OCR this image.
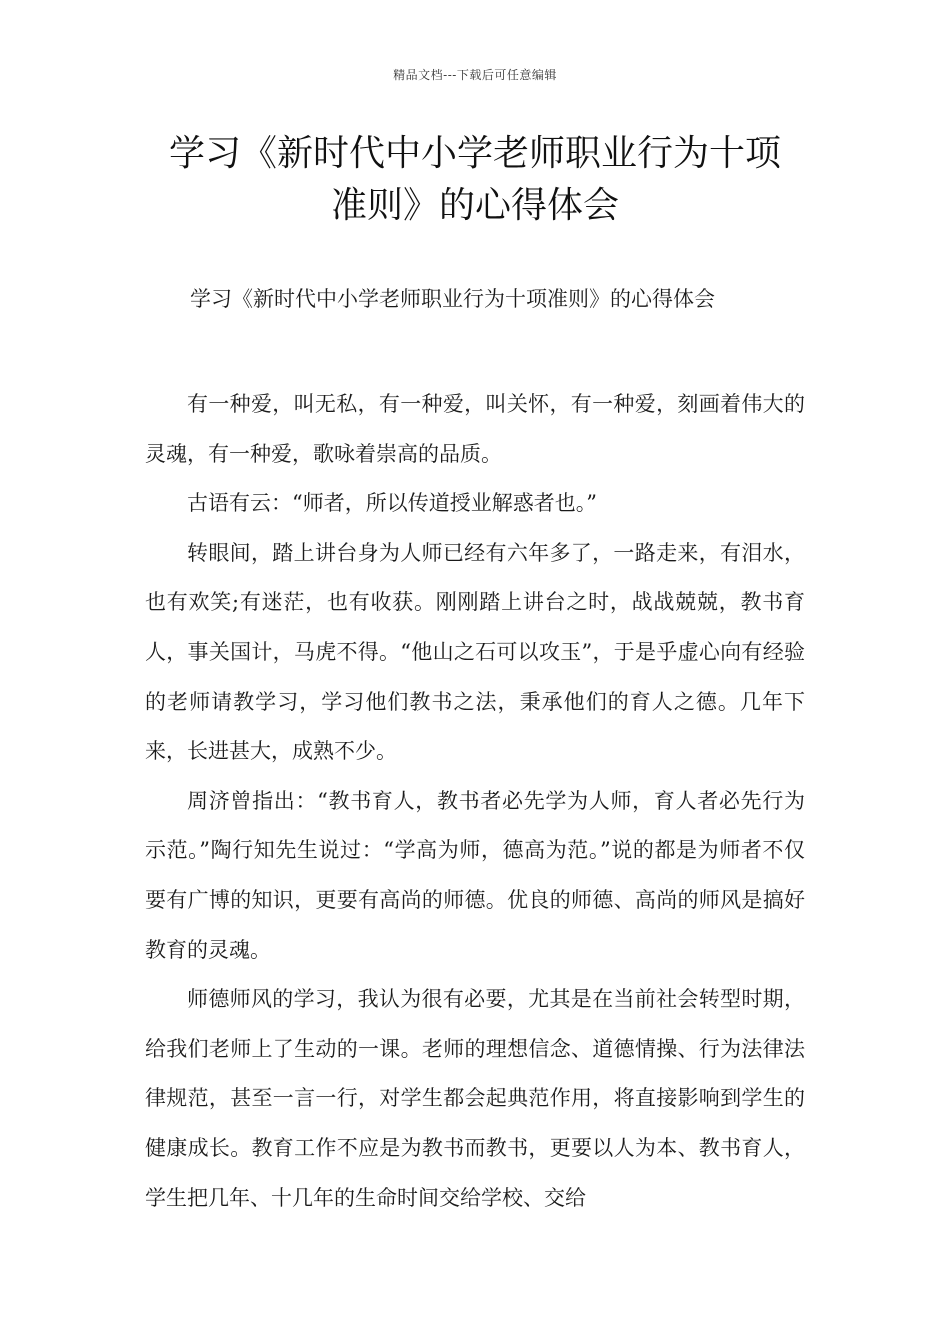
精品文档---下载后可任意编辑
学习《新时代中小学老师职业行为十项
准则》的心得体会
学习《新时代中小学老师职业行为十项准则》的心得体会

有一种爱，叫无私，有一种爱，叫关怀，有一种爱，刻画着伟大的灵魂，有一种爱，歌咏着崇高的品质。

古语有云：“师者，所以传道授业解惑者也。”

转眼间，踏上讲台身为人师已经有六年多了，一路走来，有泪水，也有欢笑;有迷茫，也有收获。刚刚踏上讲台之时，战战兢兢，教书育人，事关国计，马虎不得。“他山之石可以攻玉”，于是乎虚心向有经验的老师请教学习，学习他们教书之法，秉承他们的育人之德。几年下来，长进甚大，成熟不少。

周济曾指出：“教书育人，教书者必先学为人师，育人者必先行为示范。”陶行知先生说过：“学高为师，德高为范。”说的都是为师者不仅要有广博的知识，更要有高尚的师德。优良的师德、高尚的师风是搞好教育的灵魂。

师德师风的学习，我认为很有必要，尤其是在当前社会转型时期，给我们老师上了生动的一课。老师的理想信念、道德情操、行为法律法律规范，甚至一言一行，对学生都会起典范作用，将直接影响到学生的健康成长。教育工作不应是为教书而教书，更要以人为本、教书育人，学生把几年、十几年的生命时间交给学校、交给
